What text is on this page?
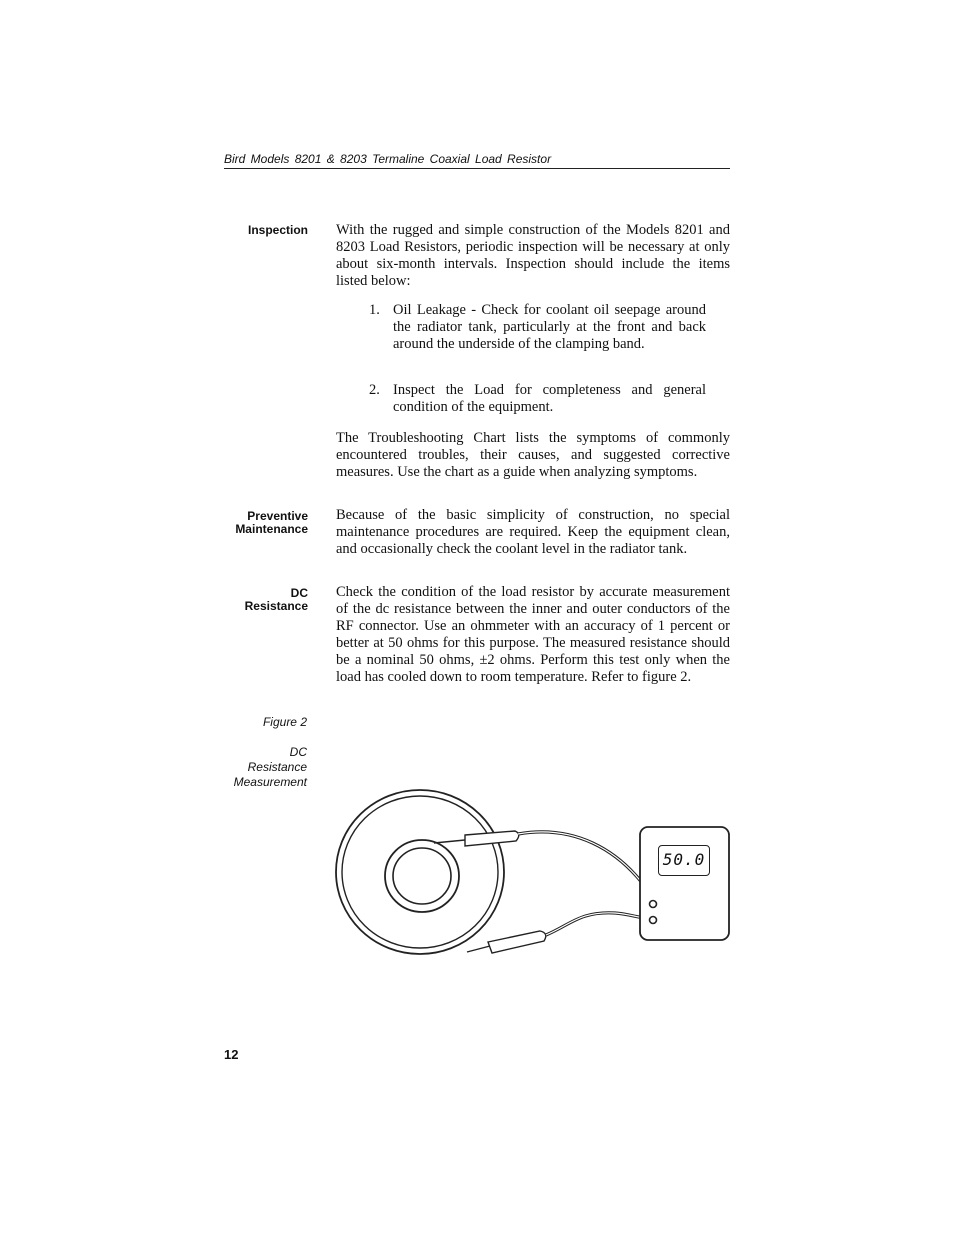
Bird Models 8201 & 8203 Termaline Coaxial Load Resistor
Inspection With the rugged and simple construction of the Models 8201 and 8203 Load Resistors, periodic inspection will be necessary at only about six-month intervals. Inspection should include the items listed below:

1. Oil Leakage - Check for coolant oil seepage around the radiator tank, particularly at the front and back around the underside of the clamping band.
2. Inspect the Load for completeness and general condition of the equipment.

The Troubleshooting Chart lists the symptoms of commonly encountered troubles, their causes, and suggested corrective measures. Use the chart as a guide when analyzing symptoms.

Preventive
Maintenance

Because of the basic simplicity of construction, no special maintenance procedures are required. Keep the equipment clean, and occasionally check the coolant level in the radiator tank.

DC
Resistance

Check the condition of the load resistor by accurate measurement of the dc resistance between the inner and outer conductors of the RF connector. Use an ohmmeter with an accuracy of 1 percent or better at 50 ohms for this purpose. The measured resistance should be a nominal 50 ohms, ±2 ohms. Perform this test only when the load has cooled down to room temperature. Refer to figure 2.

Figure 2
DC
Resistance
Measurement
50.0
12
